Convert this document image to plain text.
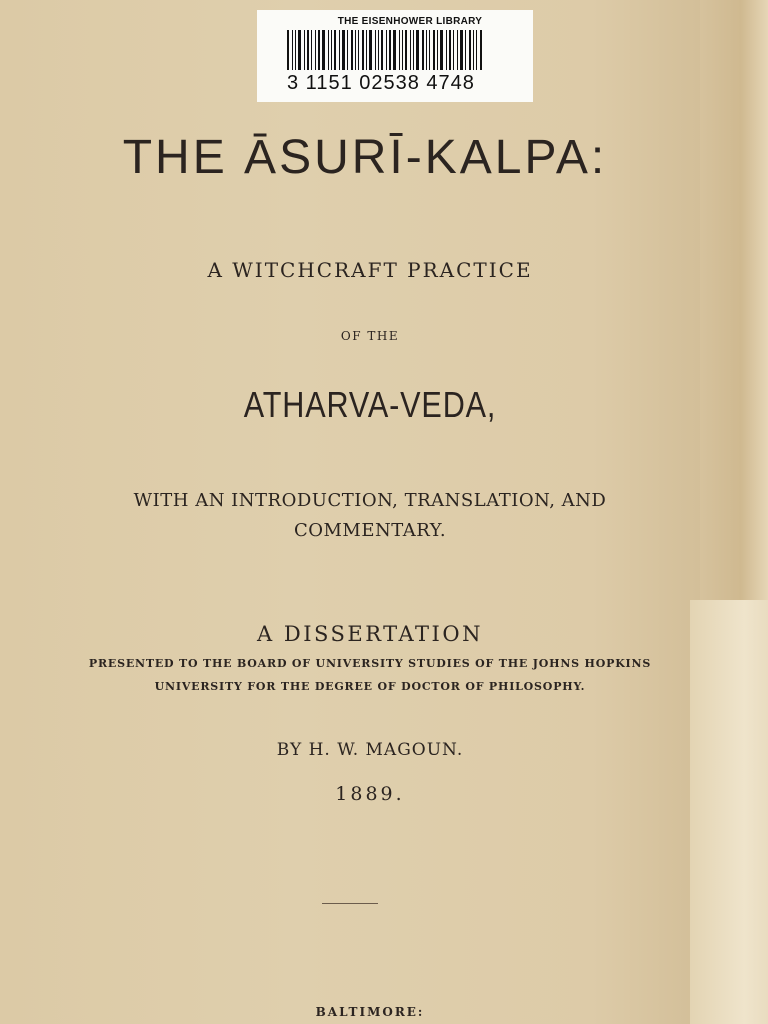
THE EISENHOWER LIBRARY
3 1151 02538 4748
THE ĀSURĪ-KALPA:
A WITCHCRAFT PRACTICE
OF THE
ATHARVA-VEDA,
WITH AN INTRODUCTION, TRANSLATION, AND
COMMENTARY.
A DISSERTATION
PRESENTED TO THE BOARD OF UNIVERSITY STUDIES OF THE JOHNS HOPKINS
UNIVERSITY FOR THE DEGREE OF DOCTOR OF PHILOSOPHY.
BY H. W. MAGOUN.
1889.
BALTIMORE:
